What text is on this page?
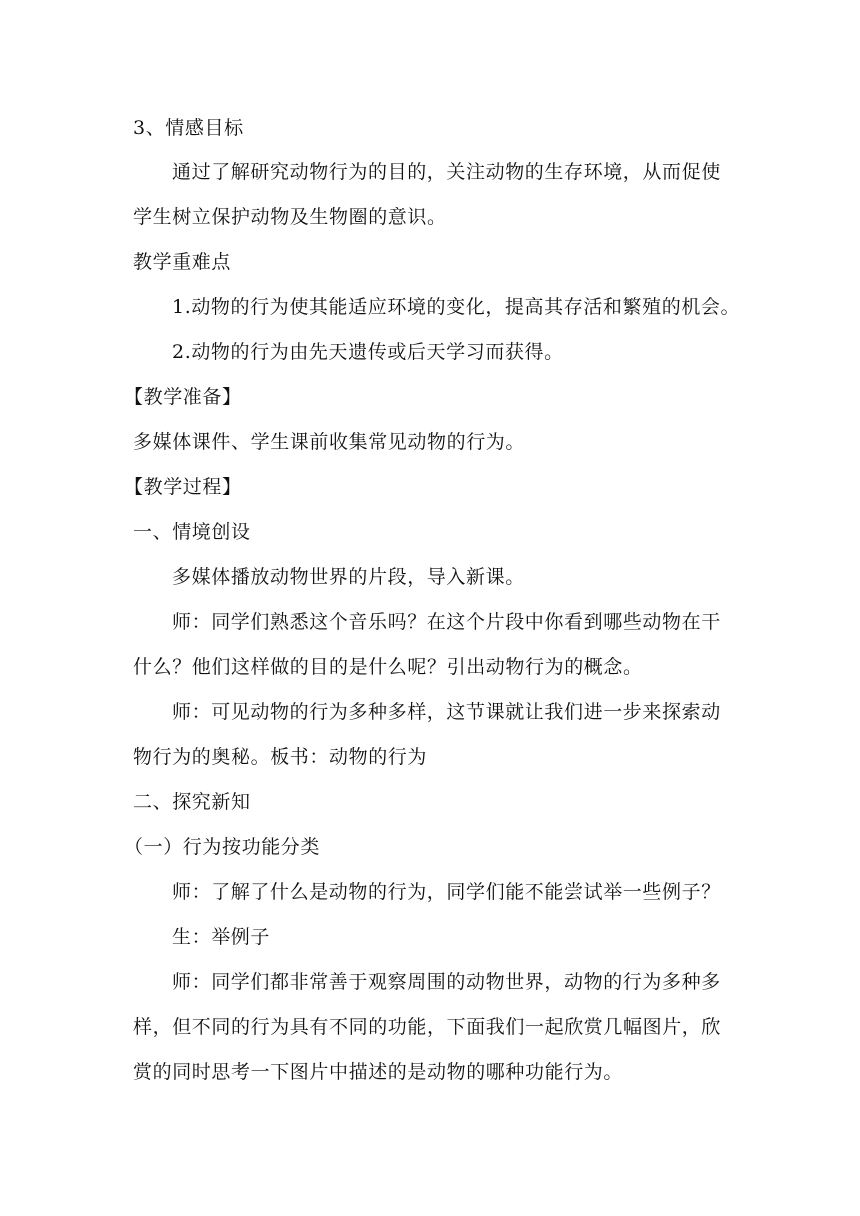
3、情感目标
通过了解研究动物行为的目的，关注动物的生存环境，从而促使
学生树立保护动物及生物圈的意识。
教学重难点
1.动物的行为使其能适应环境的变化，提高其存活和繁殖的机会。
2.动物的行为由先天遗传或后天学习而获得。
【教学准备】
多媒体课件、学生课前收集常见动物的行为。
【教学过程】
一、情境创设
多媒体播放动物世界的片段，导入新课。
师：同学们熟悉这个音乐吗？在这个片段中你看到哪些动物在干
什么？他们这样做的目的是什么呢？引出动物行为的概念。
师：可见动物的行为多种多样，这节课就让我们进一步来探索动
物行为的奥秘。板书：动物的行为
二、探究新知
（一）行为按功能分类
师：了解了什么是动物的行为，同学们能不能尝试举一些例子？
生：举例子
师：同学们都非常善于观察周围的动物世界，动物的行为多种多
样，但不同的行为具有不同的功能，下面我们一起欣赏几幅图片，欣
赏的同时思考一下图片中描述的是动物的哪种功能行为。
